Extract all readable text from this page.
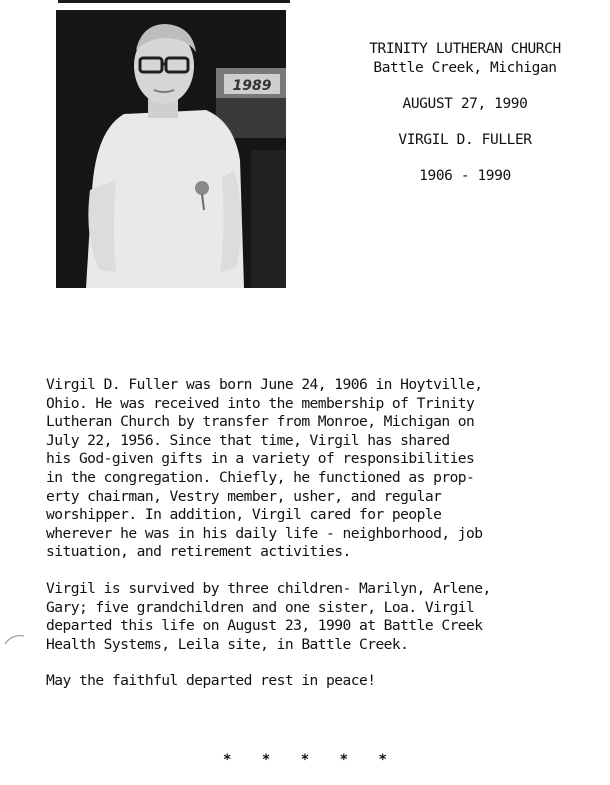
1989
TRINITY LUTHERAN CHURCH
Battle Creek, Michigan
AUGUST 27, 1990
VIRGIL D. FULLER
1906 - 1990

Virgil D. Fuller was born June 24, 1906 in Hoytville,
Ohio. He was received into the membership of Trinity
Lutheran Church by transfer from Monroe, Michigan on
July 22, 1956. Since that time, Virgil has shared
his God-given gifts in a variety of responsibilities
in the congregation. Chiefly, he functioned as prop-
erty chairman, Vestry member, usher, and regular
worshipper. In addition, Virgil cared for people
wherever he was in his daily life - neighborhood, job
situation, and retirement activities.

Virgil is survived by three children- Marilyn, Arlene,
Gary; five grandchildren and one sister, Loa. Virgil
departed this life on August 23, 1990 at Battle Creek
Health Systems, Leila site, in Battle Creek.

May the faithful departed rest in peace!

* * * * *
